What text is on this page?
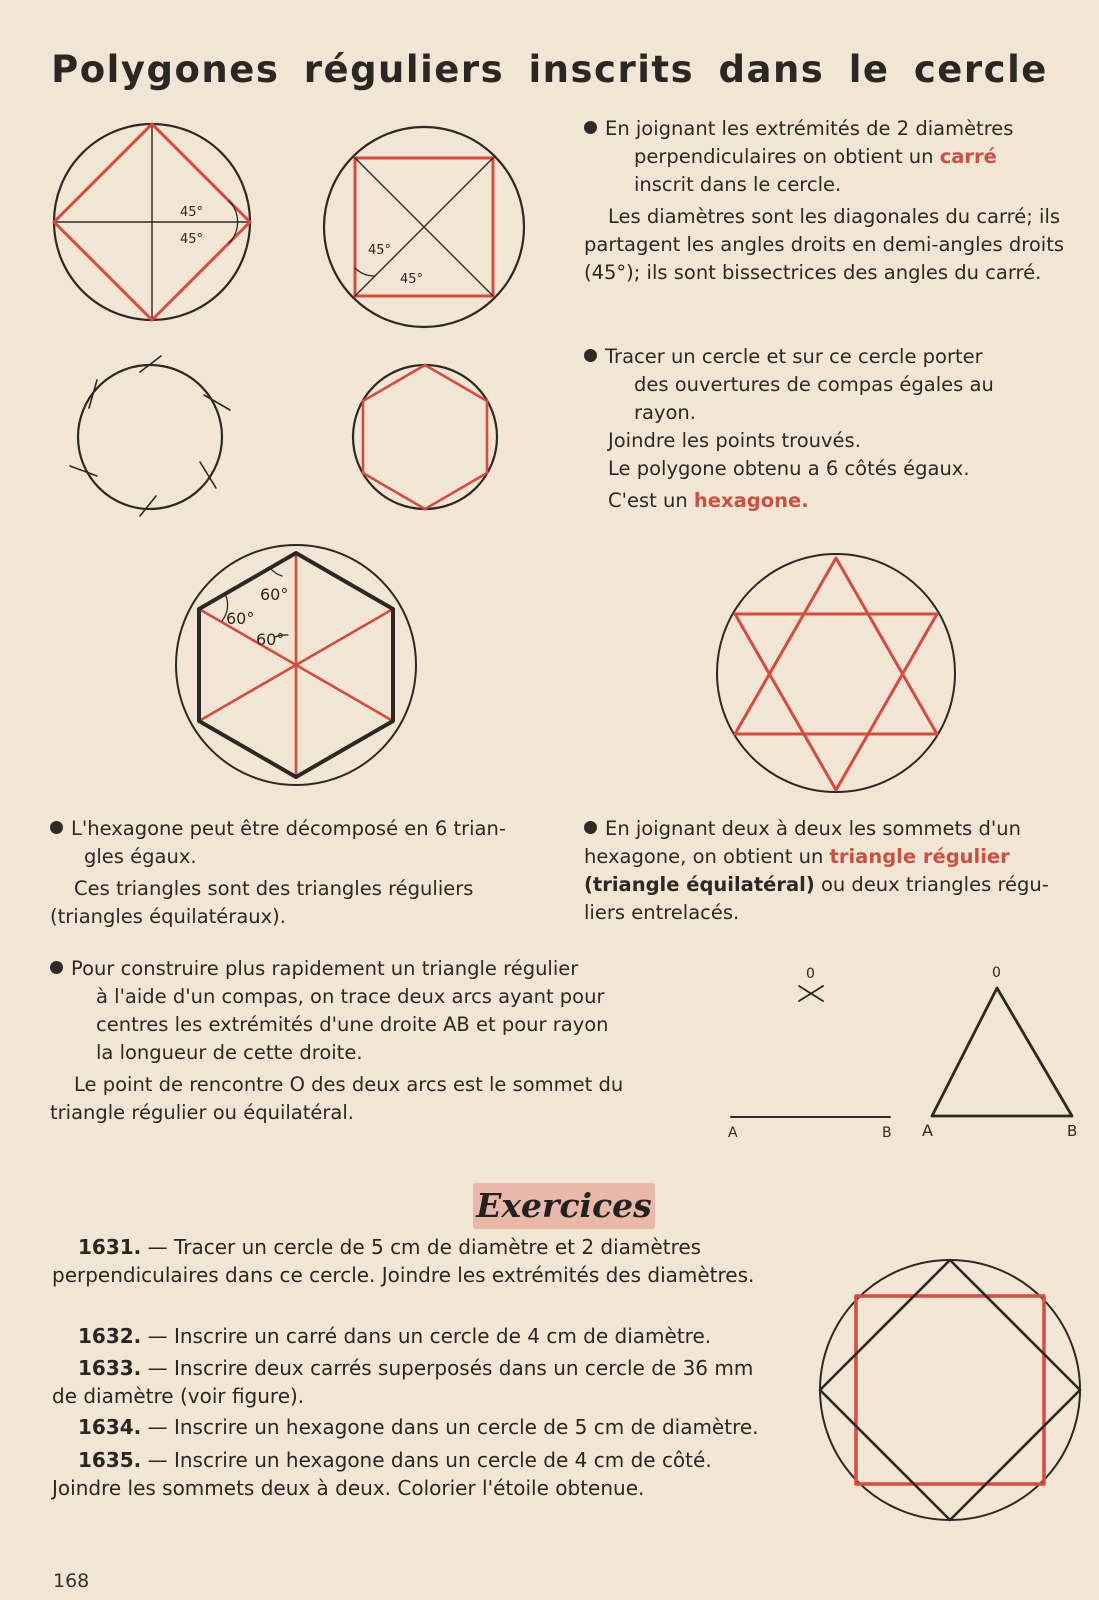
Polygones réguliers inscrits dans le cercle
45°
45°
45°
45°
60°
60°
60°
0	0
A	B A	B

En joignant les extrémités de 2 diamètres

perpendiculaires on obtient un carré

inscrit dans le cercle.

Les diamètres sont les diagonales du carré; ils partagent les angles droits en demi-angles droits (45°); ils sont bissectrices des angles du carré.

Tracer un cercle et sur ce cercle porter

des ouvertures de compas égales au

rayon.

Joindre les points trouvés.

Le polygone obtenu a 6 côtés égaux.

C'est un hexagone.

L'hexagone peut être décomposé en 6 trian-

gles égaux.

Ces triangles sont des triangles réguliers (triangles équilatéraux).

En joignant deux à deux les sommets d'un

hexagone, on obtient un triangle régulier

(triangle équilatéral) ou deux triangles régu-

liers entrelacés.

Pour construire plus rapidement un triangle régulier

à l'aide d'un compas, on trace deux arcs ayant pour

centres les extrémités d'une droite AB et pour rayon

la longueur de cette droite.

Le point de rencontre O des deux arcs est le sommet du triangle régulier ou équilatéral.

Exercices

1631. — Tracer un cercle de 5 cm de diamètre et 2 diamètres perpendiculaires dans ce cercle. Joindre les extrémités des diamètres.

1632. — Inscrire un carré dans un cercle de 4 cm de diamètre.

1633. — Inscrire deux carrés superposés dans un cercle de 36 mm de diamètre (voir figure).

1634. — Inscrire un hexagone dans un cercle de 5 cm de diamètre.

1635. — Inscrire un hexagone dans un cercle de 4 cm de côté. Joindre les sommets deux à deux. Colorier l'étoile obtenue.

168
